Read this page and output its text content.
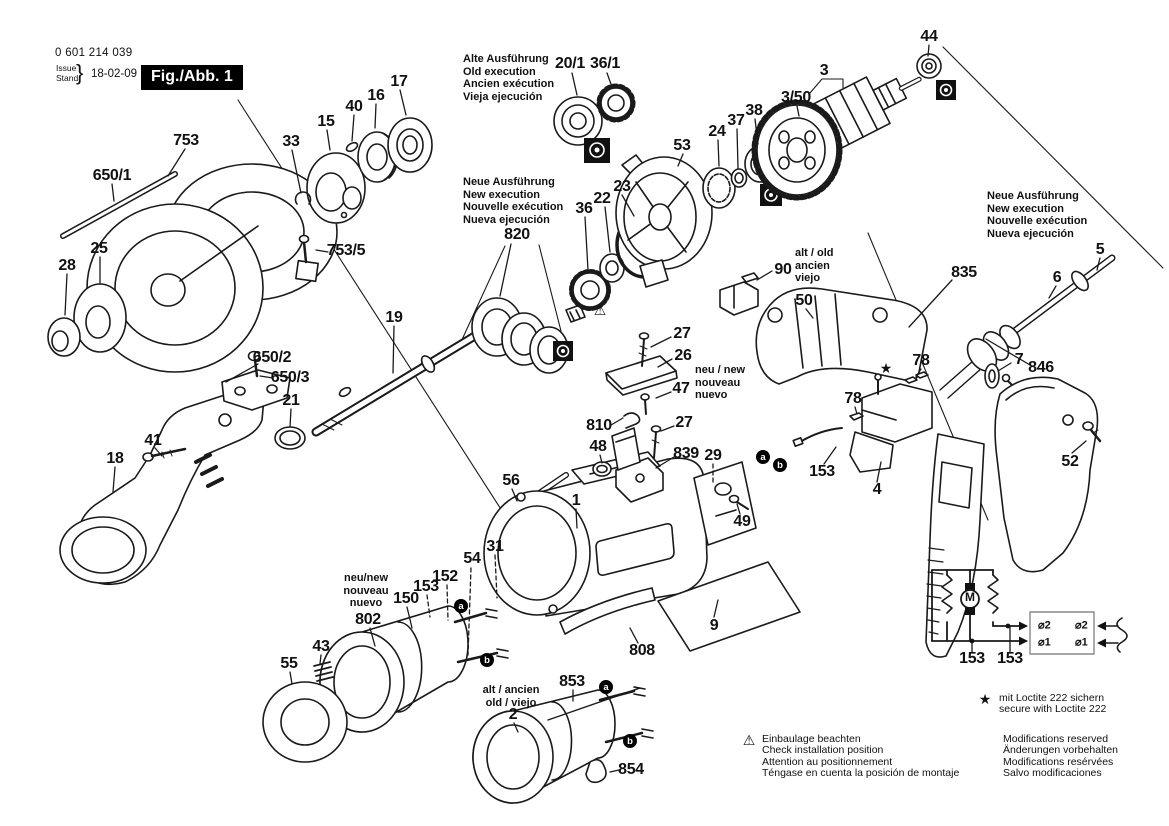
0 601 214 039
Issue
Stand
} 18-02-09 Fig./Abb. 1
753
650/1
33
15
40
16
17
753/5
25
28
650/2
650/3
21
41
18
19
20/1 36/1
820
36
22
23
53
24
37
38
3
3/50
44
90
50
27
26
47
27
810
48	839 29
49
56
1
31
54
152
153
150
802	9
808
55
43
2
853
854
835
5
6
846
7
78
78
153
4
52
153 153
Alte Ausführung
Old execution
Ancien exécution
Vieja ejecución
Neue Ausführung
New execution
Nouvelle exécution
Nueva ejecución
Neue Ausführung
New execution
Nouvelle exécution
Nueva ejecución
alt / old
ancien
viejo
neu / new
nouveau
nuevo
neu/new
nouveau
nuevo
alt / ancien
old / viejo	mit Loctite 222 sichern
secure with Loctite 222
★
Modifications reserved
Änderungen vorbehalten
Modifications resérvées
Salvo modificaciones
Einbaulage beachten
Check installation position
Attention au positionnement
Téngase en cuenta la posición de montaje
⚠
a
b
a
b
a
b
★
⚠
⌀2 ⌀2
⌀1 ⌀1
M
